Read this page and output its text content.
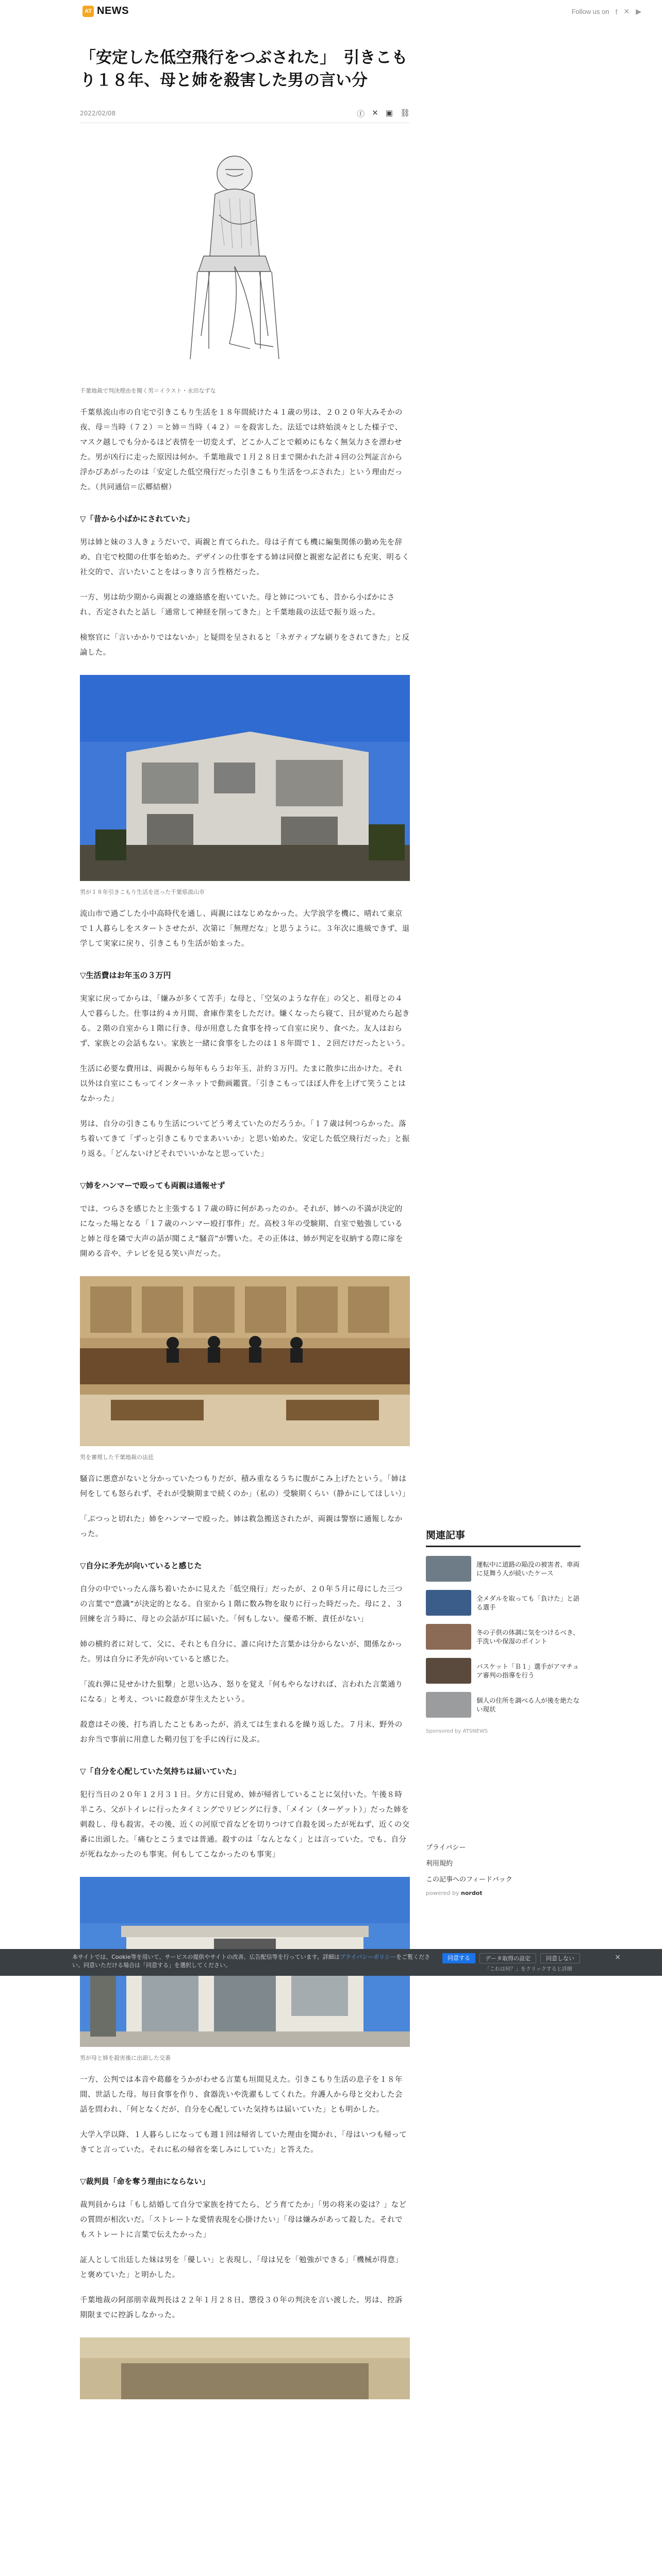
AT NEWS	Follow us on f ✕ ▶
「安定した低空飛行をつぶされた」　引きこもり１８年、母と姉を殺害した男の言い分
2022/02/08	ⓕ ✕ ▣ ⛓

千葉地裁で判決理由を聞く男＝イラスト・永田なずな

千葉県流山市の自宅で引きこもり生活を１８年間続けた４１歳の男は、２０２０年大みそかの夜、母＝当時（７２）＝と姉＝当時（４２）＝を殺害した。法廷では終始淡々とした様子で、マスク越しでも分かるほど表情を一切変えず、どこか人ごとで頼めにもなく無気力さを漂わせた。男が凶行に走った原因は何か。千葉地裁で１月２８日まで開かれた計４回の公判証言から浮かびあがったのは「安定した低空飛行だった引きこもり生活をつぶされた」という理由だった。（共同通信＝広郷結樹）

▽「昔から小ばかにされていた」

男は姉と妹の３人きょうだいで、両親と育てられた。母は子育ても機に編集関係の勤め先を辞め、自宅で校閲の仕事を始めた。デザインの仕事をする姉は同僚と親密な記者にも充実、明るく社交的で、言いたいことをはっきり言う性格だった。

一方、男は幼少期から両親との連絡感を抱いていた。母と姉についても、昔から小ばかにされ、否定されたと話し「通常して神経を削ってきた」と千葉地裁の法廷で振り返った。

検察官に「言いかかりではないか」と疑問を呈されると「ネガティブな刷りをされてきた」と反論した。

男が１８年引きこもり生活を送った千葉県流山市

流山市で過ごした小中高時代を通し、両親にはなじめなかった。大学浪学を機に、晴れて東京で１人暮らしをスタートさせたが、次第に「無理だな」と思うように。３年次に進級できず、退学して実家に戻り、引きこもり生活が始まった。

▽生活費はお年玉の３万円

実家に戻ってからは、「嫌みが多くて苦手」な母と、「空気のような存在」の父と、祖母との４人で暮らした。仕事は約４カ月間、倉庫作業をしただけ。嫌くなったら寝て、目が覚めたら起きる。２階の自室から１階に行き、母が用意した食事を持って自室に戻り、食べた。友人はおらず、家族との会話もない。家族と一緒に食事をしたのは１８年間で１、２回だけだったという。

生活に必要な費用は、両親から毎年もらうお年玉、計約３万円。たまに散歩に出かけた。それ以外は自室にこもってインターネットで動画鑑賞。「引きこもってほぼ人件を上げて笑うことはなかった」

男は、自分の引きこもり生活についてどう考えていたのだろうか。「１７歳は何つらかった。落ち着いてきて「ずっと引きこもりでまあいいか」と思い始めた。安定した低空飛行だった」と振り返る。「どんないけどそれでいいかなと思っていた」

▽姉をハンマーで殴っても両親は通報せず

では、つらさを感じたと主張する１７歳の時に何があったのか。それが、姉への不満が決定的になった場となる「１７歳のハンマー殴打事件」だ。高校３年の受験期、自室で勉強していると姉と母を隣で大声の話が聞こえ“騒音”が響いた。その正体は、姉が判定を収納する際に扉を開める音や、テレビを見る笑い声だった。

男を審理した千葉地裁の法廷

騒音に悪意がないと分かっていたつもりだが、積み重なるうちに腹がこみ上げたという。「姉は何をしても怒られず、それが受験期まで続くのか」（私の）受験期くらい（静かにしてほしい）」

「ぶつっと切れた」姉をハンマーで殴った。姉は救急搬送されたが、両親は警察に通報しなかった。

▽自分に矛先が向いていると感じた

自分の中でいったん落ち着いたかに見えた「低空飛行」だったが、２０年５月に母にした三つの言葉で“意識”が決定的となる。自室から１階に数み物を取りに行った時だった。母に２、３回練を言う時に、母との会話が耳に届いた。「何もしない。優希不断、責任がない」

姉の横約者に対して、父に、それとも自分に、誰に向けた言葉かは分からないが、閲係なかった。男は自分に矛先が向いていると感じた。

「流れ弾に見せかけた狙撃」と思い込み、怒りを覚え「何もやらなければ、言われた言葉通りになる」と考え、ついに殺意が芽生えたという。

殺意はその後、打ち消したこともあったが、消えては生まれるを繰り返した。７月末、野外のお弁当で事前に用意した鞘刃包丁を手に凶行に及ぶ。

▽「自分を心配していた気持ちは届いていた」

犯行当日の２０年１２月３１日。夕方に目覚め、姉が帰省していることに気付いた。午後８時半ころ、父がトイレに行ったタイミングでリビングに行き、「メイン（ターゲット）」だった姉を刺殺し、母も殺害。その後、近くの河原で首などを切りつけて自殺を図ったが死ねず、近くの交番に出頭した。「痛むとこうまでは普通。殺すのは「なんとなく」とは言っていた。でも、自分が死ねなかったのも事実。何もしてこなかったのも事実」

男が母と姉を殺害後に出頭した交番

一方、公判では本音や葛藤をうかがわせる言葉も垣間見えた。引きこもり生活の息子を１８年間、世話した母。毎日食事を作り、食器洗いや洗濯もしてくれた。弁護人から母と交わした会話を問われ、「何となくだが、自分を心配していた気持ちは届いていた」とも明かした。

大学入学以降、１人暮らしになっても週１回は帰省していた理由を聞かれ、「母はいつも帰ってきてと言っていた。それに私の帰省を楽しみにしていた」と答えた。

▽裁判員「命を奪う理由にならない」

裁判員からは「もし結婚して自分で家族を持てたら、どう育てたか」「男の将来の姿は？」などの質問が相次いだ。「ストレートな愛情表現を心掛けたい」「母は嫌みがあって殺した。それでもストレートに言葉で伝えたかった」

証人として出廷した妹は男を「優しい」と表現し、「母は兄を「勉強ができる」「機械が得意」と褒めていた」と明かした。

千葉地裁の阿部朋幸裁判長は２２年１月２８日、懲役３０年の判決を言い渡した。男は、控訴期限までに控訴しなかった。

関連記事
運転中に道路の陥没の被害者、車両に見舞う人が続いたケース
全メダルを取っても「負けた」と語る選手
冬の子供の体調に気をつけるべき、手洗いや保湿のポイント
バスケット「Ｂ１」選手がアマチュア審判の指導を行う
個人の住所を調べる人が後を絶たない現状

Sponsored by ATSNEWS

プライバシー

利用規約

この記事へのフィードバック

powered by nordot

本サイトでは、Cookie等を用いて、サービスの提供やサイトの改善、広告配信等を行っています。詳細はプライバシーポリシーをご覧ください。同意いただける場合は「同意する」を選択してください。

同意する	データ取得の設定	同意しない
「これは何？」をクリックすると詳細
×
